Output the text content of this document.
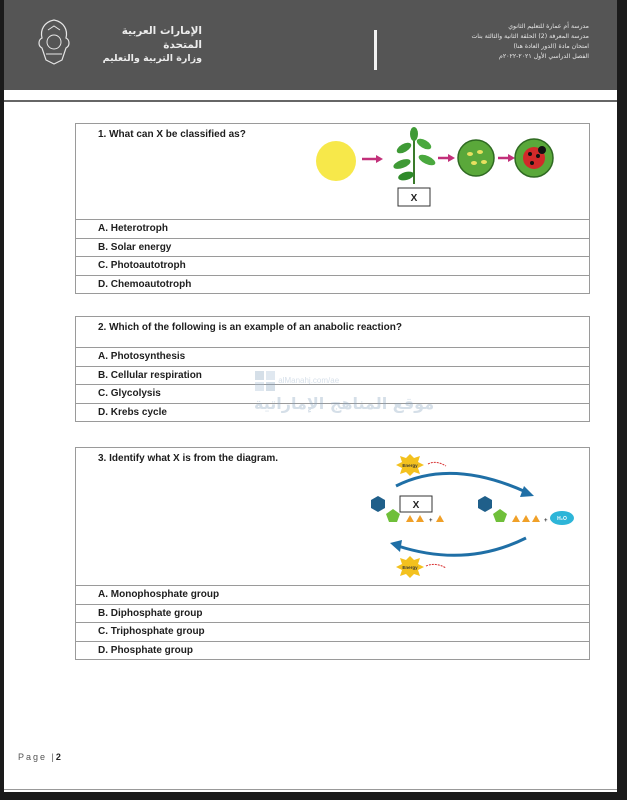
الإمارات العربية المتحدة
وزارة التربية والتعليم
مدرسة أم عمارة للتعليم الثانوي
مدرسة المعرفة (2) الحلقة الثانية والثالثة بنات
امتحان مادة (الدور العادة هنا)
الفصل الدراسي الأول ٢٠٢١-٢٠٢٢م
1. What can X be classified as?
X

A. Heterotroph
B. Solar energy
C. Photoautotroph
D. Chemoautotroph
2. Which of the following is an example of an anabolic reaction?
A. Photosynthesis
B. Cellular respiration
C. Glycolysis
D. Krebs cycle
alManahj.com/ae
موقع المناهج الإماراتية
3. Identify what X is from the diagram.
Energy
+
X
+ H₂O
Energy

A. Monophosphate group
B. Diphosphate group
C. Triphosphate group
D. Phosphate group
Page |2
